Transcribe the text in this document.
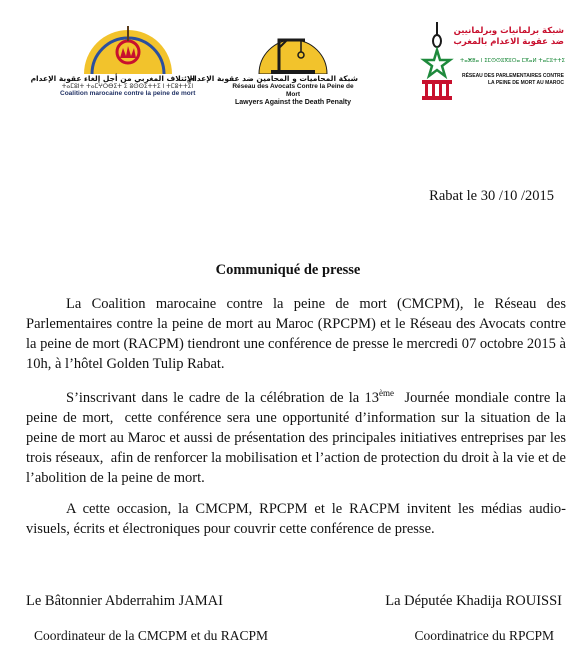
الإئتلاف المغربي من أجل إلغاء عقوبة الإعدام
ⵜⴰⵎⵓⵏⵜ ⵜⴰⵎⵖⵔⴱⵉⵜ ⵉ ⵓⵙⵙⵉⵜⵜⵉ ⵏ ⵜⵎⵓⵜⵜⵉⵏ
Coalition marocaine contre la peine de mort
شبكة المحاميات و المحامين ضد عقوبة الإعدام
Réseau des Avocats Contre la Peine de
Mort
Lawyers Against the Death Penalty
شبكة برلمانيات وبرلمانيين
ضد عقوبة الاعدام بالمغرب
ⵜⴰⵥⵟⴰ ⵏ ⵉⵎⵙⵙⵓⴳⵓⵔⴰ ⵎⴳⴰⵍ ⵜⴰⵎⵓⵜⵜⵉ
RÉSEAU DES PARLEMENTAIRES CONTRE
LA PEINE DE MORT AU MAROC
Rabat le 30 /10 /2015
Communiqué de presse
La Coalition marocaine contre la peine de mort (CMCPM), le Réseau des Parlementaires contre la peine de mort au Maroc (RPCPM) et le Réseau des Avocats contre la peine de mort (RACPM) tiendront une conférence de presse le mercredi 07 octobre 2015 à 10h, à l’hôtel Golden Tulip Rabat.
S’inscrivant dans le cadre de la célébration de la 13ème  Journée mondiale contre la peine de mort,  cette conférence sera une opportunité d’information sur la situation de la peine de mort au Maroc et aussi de présentation des principales initiatives entreprises par les trois réseaux,  afin de renforcer la mobilisation et l’action de protection du droit à la vie et de l’abolition de la peine de mort.
A cette occasion, la CMCPM, RPCPM et le RACPM invitent les médias audio-visuels, écrits et électroniques pour couvrir cette conférence de presse.
Le Bâtonnier Abderrahim JAMAI	La Députée Khadija ROUISSI
Coordinateur de la CMCPM et du RACPM	Coordinatrice du RPCPM
